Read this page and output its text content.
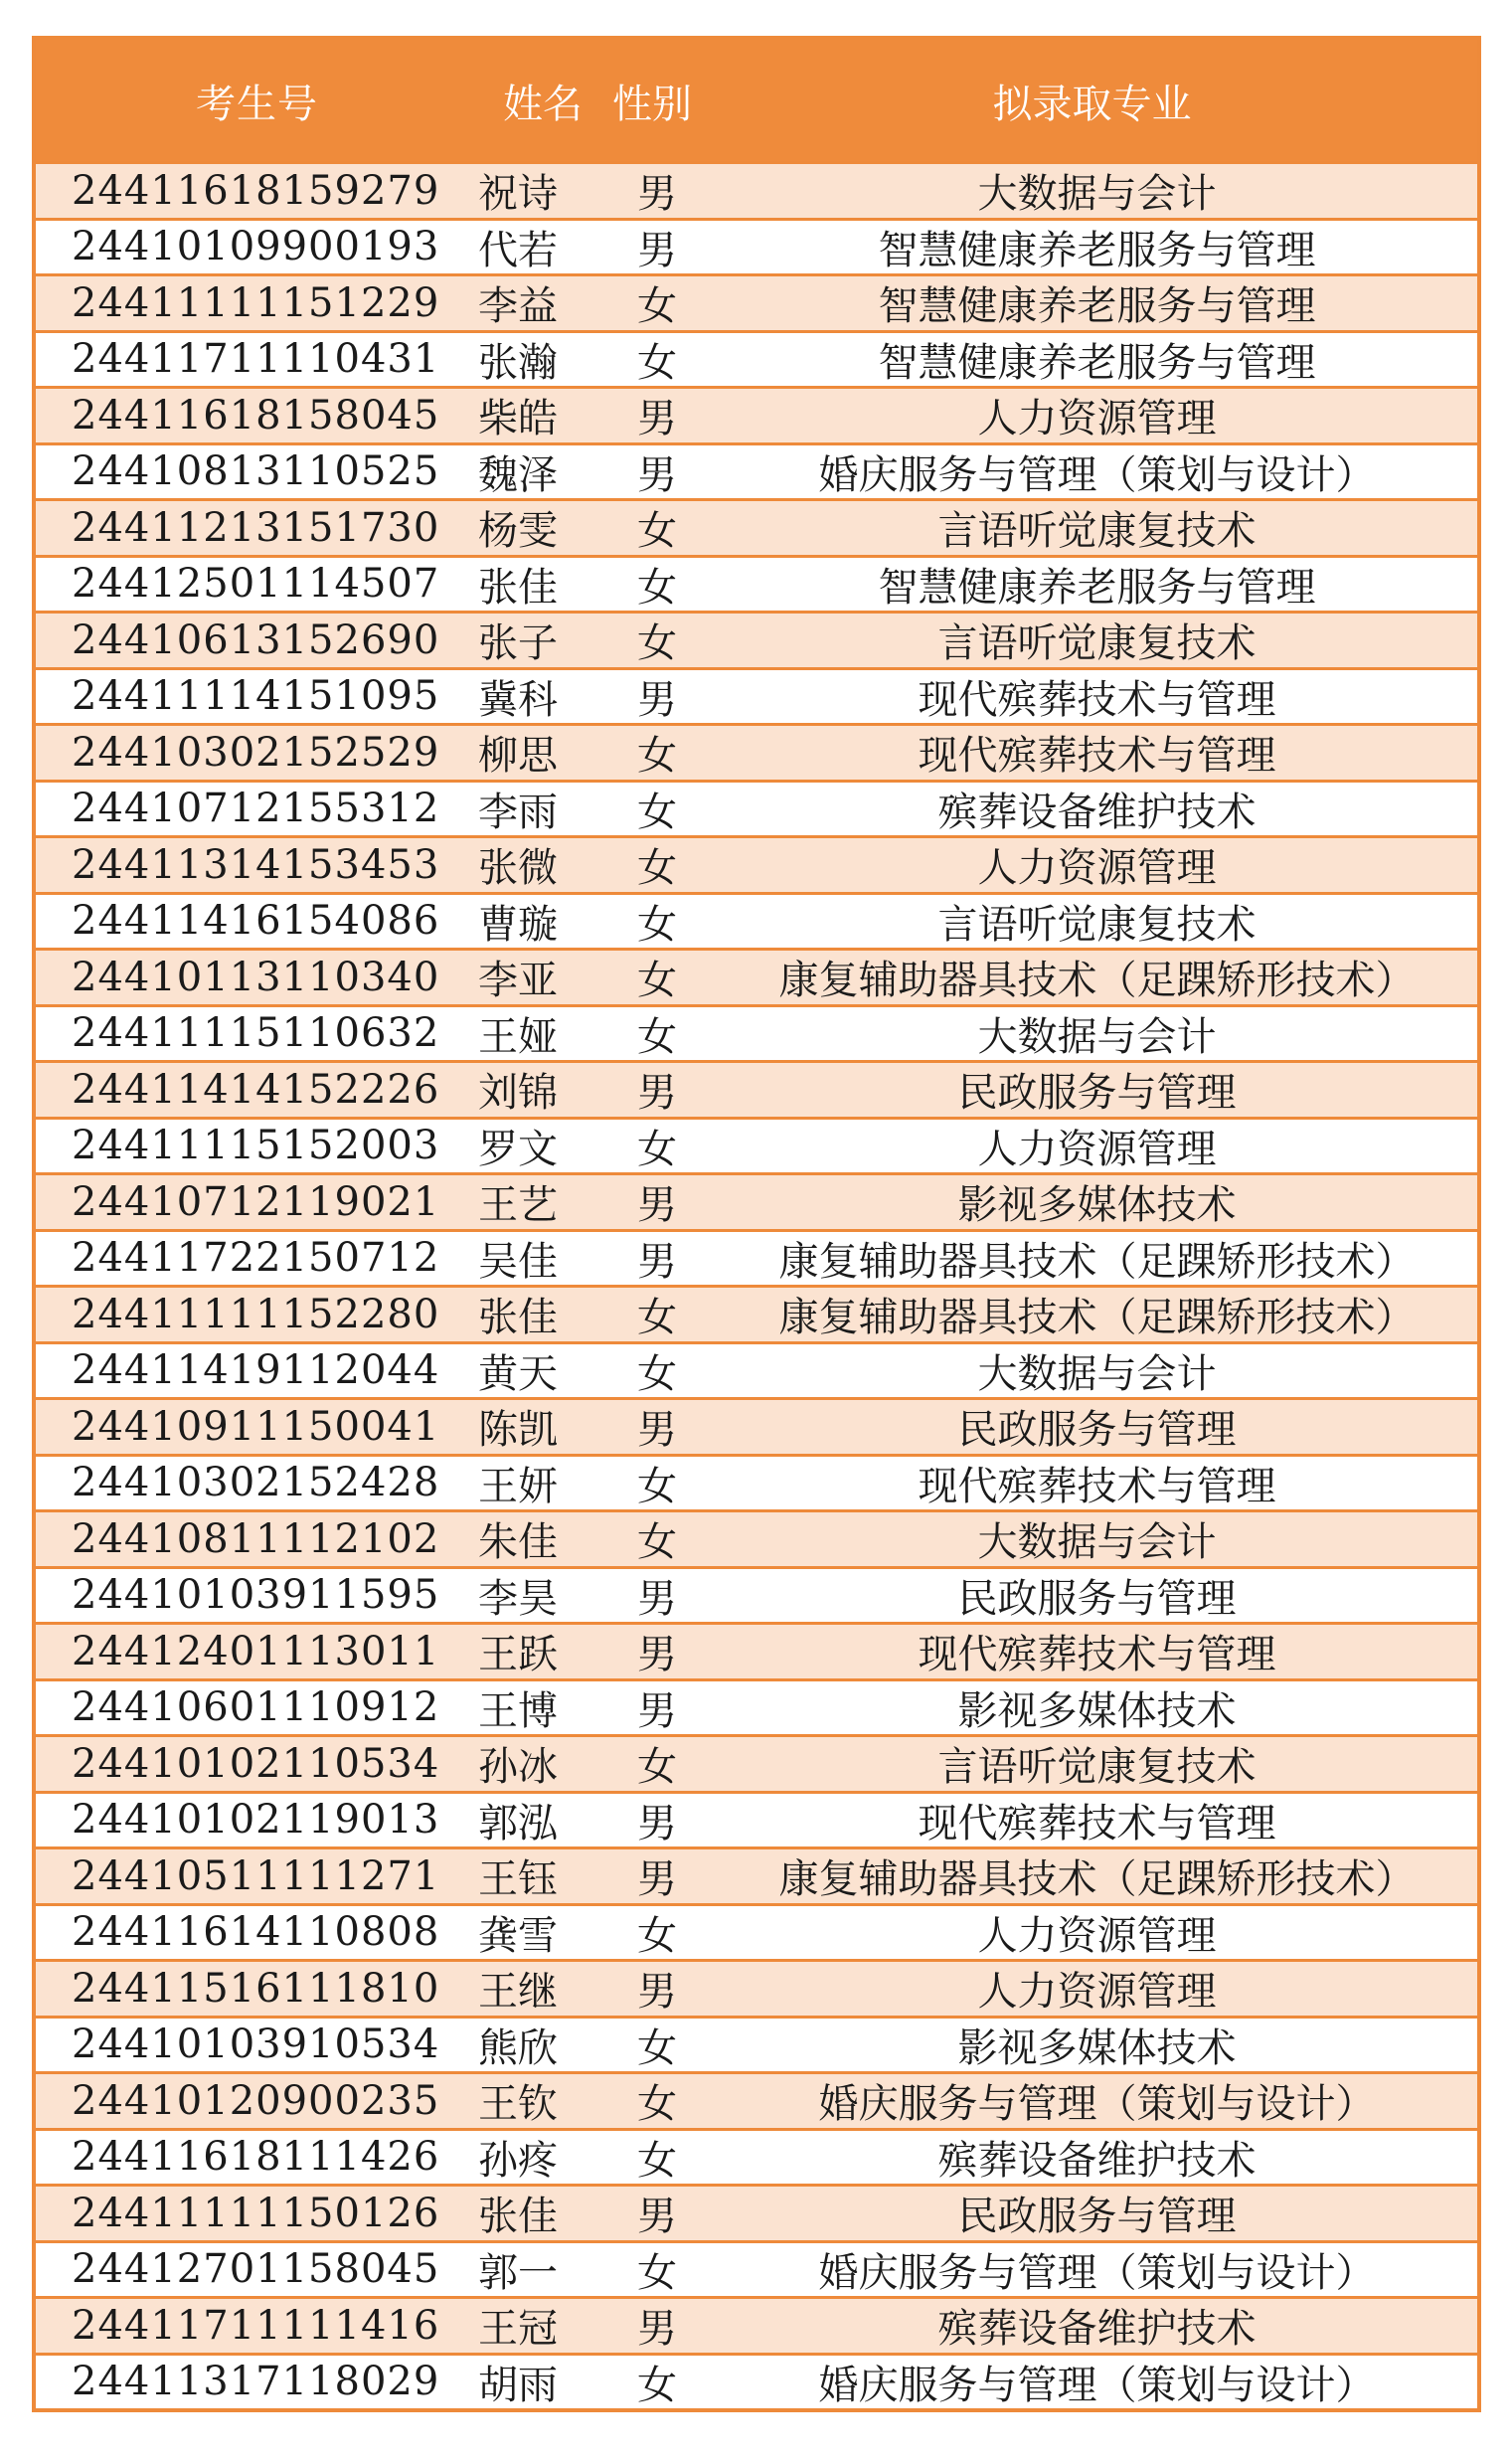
考生号	姓名 性别	拟录取专业
24411618159279 祝诗	男	大数据与会计
24410109900193 代若	男	智慧健康养老服务与管理
24411111151229 李益	女	智慧健康养老服务与管理
24411711110431 张瀚	女	智慧健康养老服务与管理
24411618158045 柴皓	男	人力资源管理
24410813110525 魏泽	男	婚庆服务与管理（策划与设计）
24411213151730 杨雯	女	言语听觉康复技术
24412501114507 张佳	女	智慧健康养老服务与管理
24410613152690 张子	女	言语听觉康复技术
24411114151095 冀科	男	现代殡葬技术与管理
24410302152529 柳思	女	现代殡葬技术与管理
24410712155312 李雨	女	殡葬设备维护技术
24411314153453 张微	女	人力资源管理
24411416154086 曹璇	女	言语听觉康复技术
24410113110340 李亚	女	康复辅助器具技术（足踝矫形技术）
24411115110632 王娅	女	大数据与会计
24411414152226 刘锦	男	民政服务与管理
24411115152003 罗文	女	人力资源管理
24410712119021 王艺	男	影视多媒体技术
24411722150712 吴佳	男	康复辅助器具技术（足踝矫形技术）
24411111152280 张佳	女	康复辅助器具技术（足踝矫形技术）
24411419112044 黄天	女	大数据与会计
24410911150041 陈凯	男	民政服务与管理
24410302152428 王妍	女	现代殡葬技术与管理
24410811112102 朱佳	女	大数据与会计
24410103911595 李昊	男	民政服务与管理
24412401113011 王跃	男	现代殡葬技术与管理
24410601110912 王博	男	影视多媒体技术
24410102110534 孙冰	女	言语听觉康复技术
24410102119013 郭泓	男	现代殡葬技术与管理
24410511111271 王钰	男	康复辅助器具技术（足踝矫形技术）
24411614110808 龚雪	女	人力资源管理
24411516111810 王继	男	人力资源管理
24410103910534 熊欣	女	影视多媒体技术
24410120900235 王钦	女	婚庆服务与管理（策划与设计）
24411618111426 孙疼	女	殡葬设备维护技术
24411111150126 张佳	男	民政服务与管理
24412701158045 郭一	女	婚庆服务与管理（策划与设计）
24411711111416 王冠	男	殡葬设备维护技术
24411317118029 胡雨	女	婚庆服务与管理（策划与设计）
